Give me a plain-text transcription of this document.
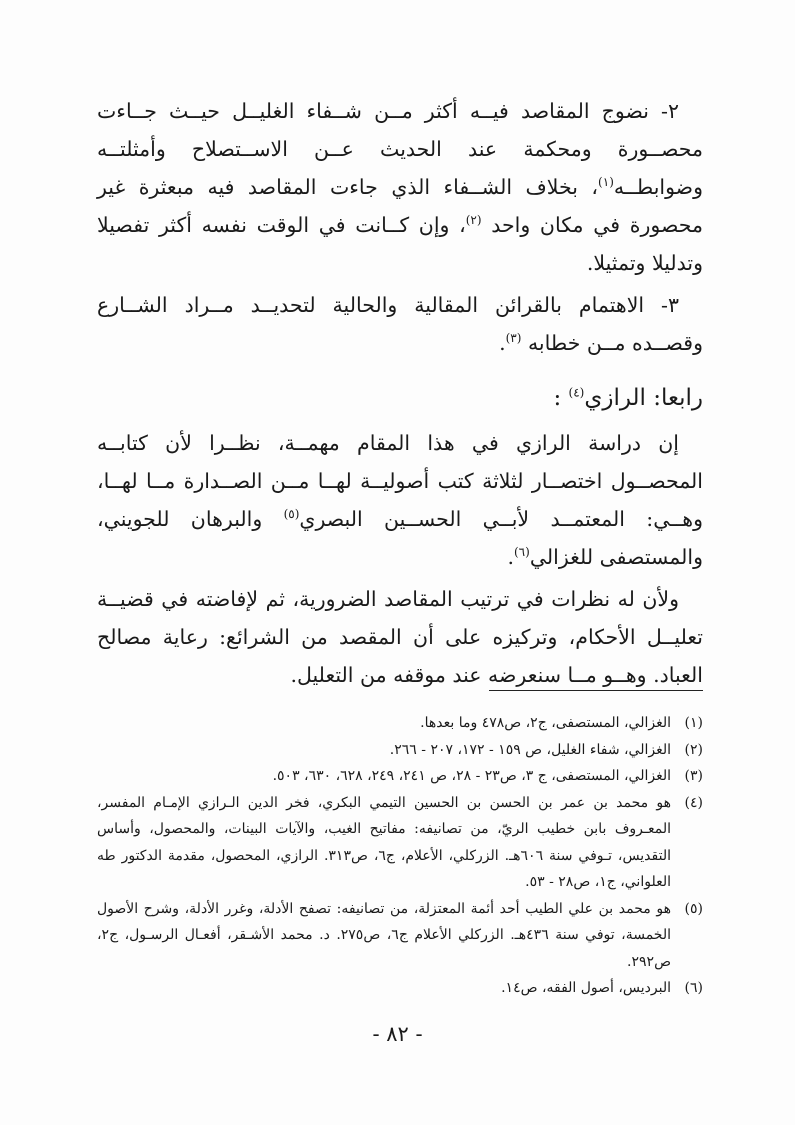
٢- نضوج المقاصد فيــه أكثر مــن شــفاء الغليــل حيــث جــاءت محصــورة ومحكمة عند الحديث عــن الاســتصلاح وأمثلتــه وضوابطــه$^{(١)}$، بخلاف الشــفاء الذي جاءت المقاصد فيه مبعثرة غير محصورة في مكان واحد $^{(٢)}$، وإن كــانت في الوقت نفسه أكثر تفصيلا وتدليلا وتمثيلا.

٣- الاهتمام بالقرائن المقالية والحالية لتحديــد مــراد الشــارع وقصــده مــن خطابه $^{(٣)}$.

رابعا: الرازي$^{(٤)}$ :

إن دراسة الرازي في هذا المقام مهمــة، نظــرا لأن كتابــه المحصــول اختصــار لثلاثة كتب أصوليــة لهــا مــن الصــدارة مــا لهــا، وهــي: المعتمــد لأبــي الحســين البصري$^{(٥)}$ والبرهان للجويني، والمستصفى للغزالي$^{(٦)}$.

ولأن له نظرات في ترتيب المقاصد الضرورية، ثم لإفاضته في قضيــة تعليــل الأحكام، وتركيزه على أن المقصد من الشرائع: رعاية مصالح العباد. وهــو مــا سنعرضه عند موقفه من التعليل.

(١)
الغزالي، المستصفى، ج٢، ص٤٧٨ وما بعدها.
(٢)
الغزالي، شفاء الغليل، ص ١٥٩ - ١٧٢، ٢٠٧ - ٢٦٦.
(٣)
الغزالي، المستصفى، ج ٣، ص٢٣ - ٢٨، ص ٢٤١، ٢٤٩، ٦٢٨، ٦٣٠، ٥٠٣.
(٤)
هو محمد بن عمر بن الحسن بن الحسين التيمي البكري، فخر الدين الـرازي الإمـام المفسر، المعـروف بابن خطيب الريّ، من تصانيفه: مفاتيح الغيب، والآيات البينات، والمحصول، وأساس التقديس، تـوفي سنة ٦٠٦هـ. الزركلي، الأعلام، ج٦، ص٣١٣. الرازي، المحصول، مقدمة الدكتور طه العلواني، ج١، ص٢٨ - ٥٣.
(٥)
هو محمد بن علي الطيب أحد أئمة المعتزلة، من تصانيفه: تصفح الأدلة، وغرر الأدلة، وشرح الأصول الخمسة، توفي سنة ٤٣٦هـ. الزركلي الأعلام ج٦، ص٢٧٥. د. محمد الأشـقر، أفعـال الرسـول، ج٢، ص٢٩٢.
(٦)
البرديس، أصول الفقه، ص١٤.
- ٨٢ -
